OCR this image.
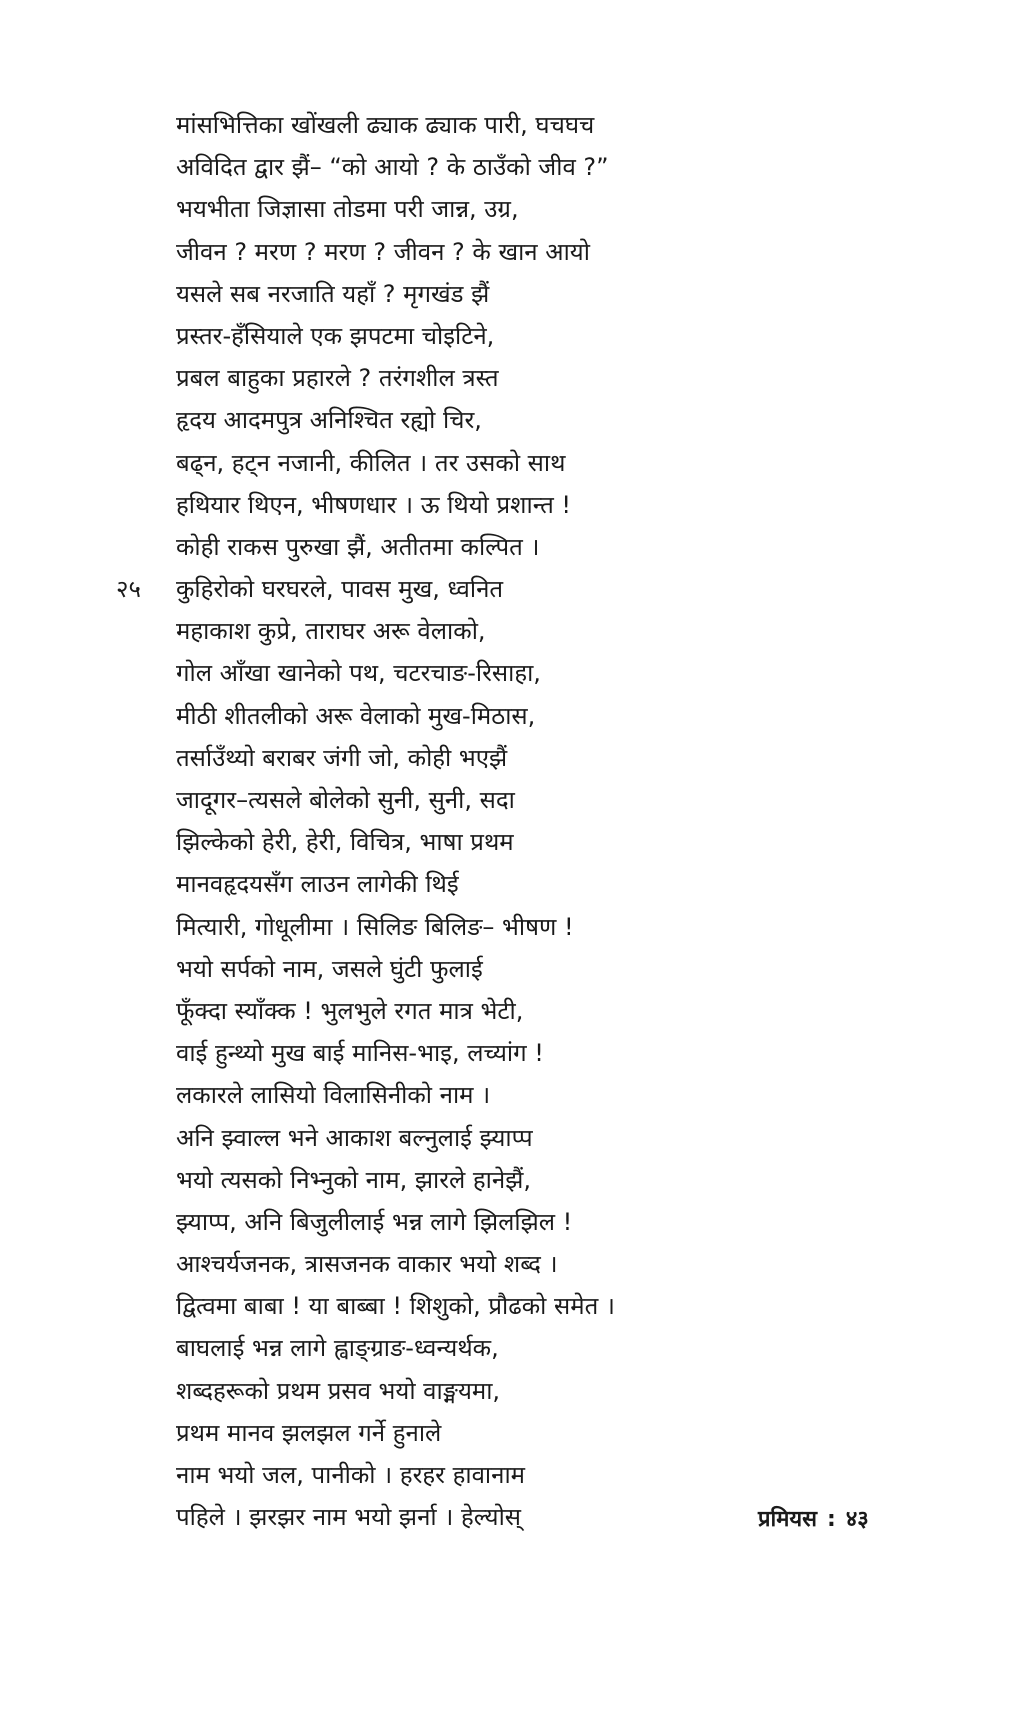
मांसभित्तिका खोंखली ढ्याक ढ्याक पारी, घचघच
अविदित द्वार झैं– “को आयो ? के ठाउँको जीव ?”
भयभीता जिज्ञासा तोडमा परी जान्न, उग्र,
जीवन ? मरण ? मरण ? जीवन ? के खान आयो
यसले सब नरजाति यहाँ ? मृगखंड झैं
प्रस्तर-हँसियाले एक झपटमा चोइटिने,
प्रबल बाहुका प्रहारले ? तरंगशील त्रस्त
हृदय आदमपुत्र अनिश्चित रह्यो चिर,
बढ्न, हट्न नजानी, कीलित । तर उसको साथ
हथियार थिएन, भीषणधार । ऊ थियो प्रशान्त !
कोही राकस पुरुखा झैं, अतीतमा कल्पित ।
२५ कुहिरोको घरघरले, पावस मुख, ध्वनित
महाकाश कुप्रे, ताराघर अरू वेलाको,
गोल आँखा खानेको पथ, चटरचाङ-रिसाहा,
मीठी शीतलीको अरू वेलाको मुख-मिठास,
तर्साउँथ्यो बराबर जंगी जो, कोही भएझैं
जादूगर–त्यसले बोलेको सुनी, सुनी, सदा
झिल्केको हेरी, हेरी, विचित्र, भाषा प्रथम
मानवहृदयसँग लाउन लागेकी थिई
मित्यारी, गोधूलीमा । सिलिङ बिलिङ– भीषण !
भयो सर्पको नाम, जसले घुंटी फुलाई
फूँक्दा स्याँक्क ! भुलभुले रगत मात्र भेटी,
वाई हुन्थ्यो मुख बाई मानिस-भाइ, लच्यांग !
लकारले लासियो विलासिनीको नाम ।
अनि झ्वाल्ल भने आकाश बल्नुलाई झ्याप्प
भयो त्यसको निभ्नुको नाम, झारले हानेझैं,
झ्याप्प, अनि बिजुलीलाई भन्न लागे झिलझिल !
आश्चर्यजनक, त्रासजनक वाकार भयो शब्द ।
द्वित्वमा बाबा ! या बाब्बा ! शिशुको, प्रौढको समेत ।
बाघलाई भन्न लागे ह्वाङ्ग्राङ-ध्वन्यर्थक,
शब्दहरूको प्रथम प्रसव भयो वाङ्मयमा,
प्रथम मानव झलझल गर्ने हुनाले
नाम भयो जल, पानीको । हरहर हावानाम
पहिले । झरझर नाम भयो झर्ना । हेल्योस्	प्रमियस : ४३
